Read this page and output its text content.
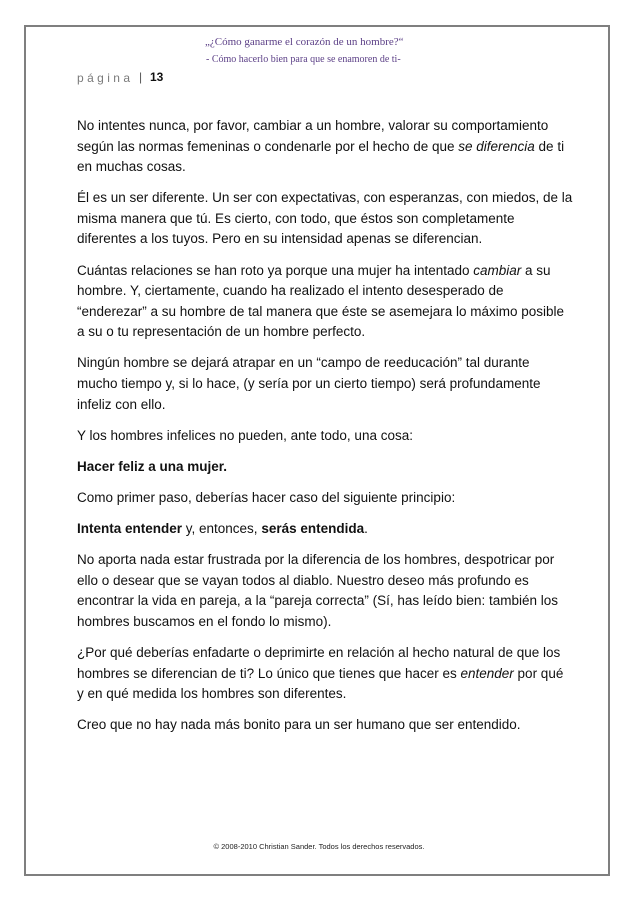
„¿Cómo ganarme el corazón de un hombre?“
- Cómo hacerlo bien para que se enamoren de ti-
página | 13

No intentes nunca, por favor, cambiar a un hombre, valorar su comportamiento según las normas femeninas o condenarle por el hecho de que se diferencia de ti en muchas cosas.

Él es un ser diferente. Un ser con expectativas, con esperanzas, con miedos, de la misma manera que tú. Es cierto, con todo, que éstos son completamente diferentes a los tuyos. Pero en su intensidad apenas se diferencian.

Cuántas relaciones se han roto ya porque una mujer ha intentado cambiar a su hombre. Y, ciertamente, cuando ha realizado el intento desesperado de “enderezar” a su hombre de tal manera que éste se asemejara lo máximo posible a su o tu representación de un hombre perfecto.

Ningún hombre se dejará atrapar en un “campo de reeducación” tal durante mucho tiempo y, si lo hace, (y sería por un cierto tiempo) será profundamente infeliz con ello.

Y los hombres infelices no pueden, ante todo, una cosa:

Hacer feliz a una mujer.

Como primer paso, deberías hacer caso del siguiente principio:

Intenta entender y, entonces, serás entendida.

No aporta nada estar frustrada por la diferencia de los hombres, despotricar por ello o desear que se vayan todos al diablo. Nuestro deseo más profundo es encontrar la vida en pareja, a la “pareja correcta” (Sí, has leído bien: también los hombres buscamos en el fondo lo mismo).

¿Por qué deberías enfadarte o deprimirte en relación al hecho natural de que los hombres se diferencian de ti? Lo único que tienes que hacer es entender por qué y en qué medida los hombres son diferentes.

Creo que no hay nada más bonito para un ser humano que ser entendido.

© 2008-2010 Christian Sander. Todos los derechos reservados.
